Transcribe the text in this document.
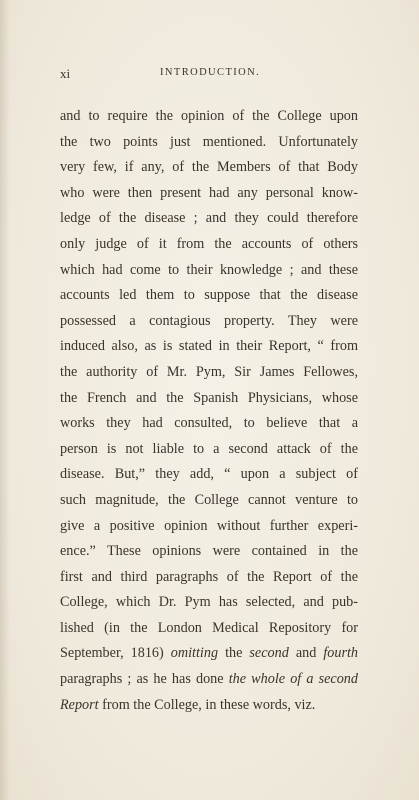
xi	INTRODUCTION.
and to require the opinion of the College upon
the two points just mentioned. Unfortunately
very few, if any, of the Members of that Body
who were then present had any personal know-
ledge of the disease ; and they could therefore
only judge of it from the accounts of others
which had come to their knowledge ; and these
accounts led them to suppose that the disease
possessed a contagious property. They were
induced also, as is stated in their Report, “ from
the authority of Mr. Pym, Sir James Fellowes,
the French and the Spanish Physicians, whose
works they had consulted, to believe that a
person is not liable to a second attack of the
disease. But,” they add, “ upon a subject of
such magnitude, the College cannot venture to
give a positive opinion without further experi-
ence.” These opinions were contained in the
first and third paragraphs of the Report of the
College, which Dr. Pym has selected, and pub-
lished (in the London Medical Repository for
September, 1816) omitting the second and fourth
paragraphs ; as he has done the whole of a second
Report from the College, in these words, viz.
